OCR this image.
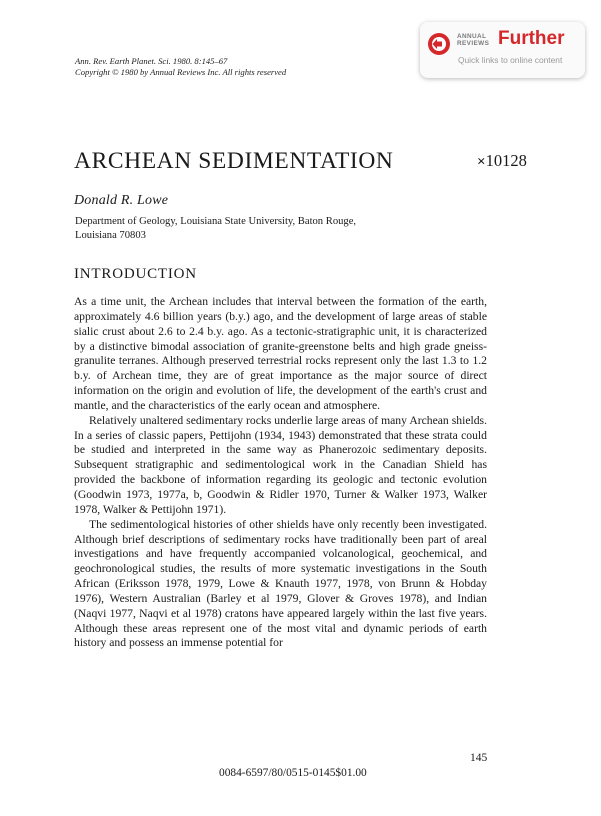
Ann. Rev. Earth Planet. Sci. 1980. 8:145–67
Copyright © 1980 by Annual Reviews Inc. All rights reserved
ANNUAL
REVIEWS Further
Quick links to online content
ARCHEAN SEDIMENTATION	×10128
Donald R. Lowe
Department of Geology, Louisiana State University, Baton Rouge,
Louisiana 70803
INTRODUCTION

As a time unit, the Archean includes that interval between the formation of the earth, approximately 4.6 billion years (b.y.) ago, and the development of large areas of stable sialic crust about 2.6 to 2.4 b.y. ago. As a tectonic-stratigraphic unit, it is characterized by a distinctive bimodal association of granite-greenstone belts and high grade gneiss-granulite terranes. Although preserved terrestrial rocks represent only the last 1.3 to 1.2 b.y. of Archean time, they are of great importance as the major source of direct information on the origin and evolution of life, the development of the earth's crust and mantle, and the characteristics of the early ocean and atmosphere.

Relatively unaltered sedimentary rocks underlie large areas of many Archean shields. In a series of classic papers, Pettijohn (1934, 1943) demonstrated that these strata could be studied and interpreted in the same way as Phanerozoic sedimentary deposits. Subsequent stratigraphic and sedimentological work in the Canadian Shield has provided the backbone of information regarding its geologic and tectonic evolution (Goodwin 1973, 1977a, b, Goodwin & Ridler 1970, Turner & Walker 1973, Walker 1978, Walker & Pettijohn 1971).

The sedimentological histories of other shields have only recently been investigated. Although brief descriptions of sedimentary rocks have traditionally been part of areal investigations and have frequently accompanied volcanological, geochemical, and geochronological studies, the results of more systematic investigations in the South African (Eriksson 1978, 1979, Lowe & Knauth 1977, 1978, von Brunn & Hobday 1976), Western Australian (Barley et al 1979, Glover & Groves 1978), and Indian (Naqvi 1977, Naqvi et al 1978) cratons have appeared largely within the last five years. Although these areas represent one of the most vital and dynamic periods of earth history and possess an immense potential for

145
0084-6597/80/0515-0145$01.00
